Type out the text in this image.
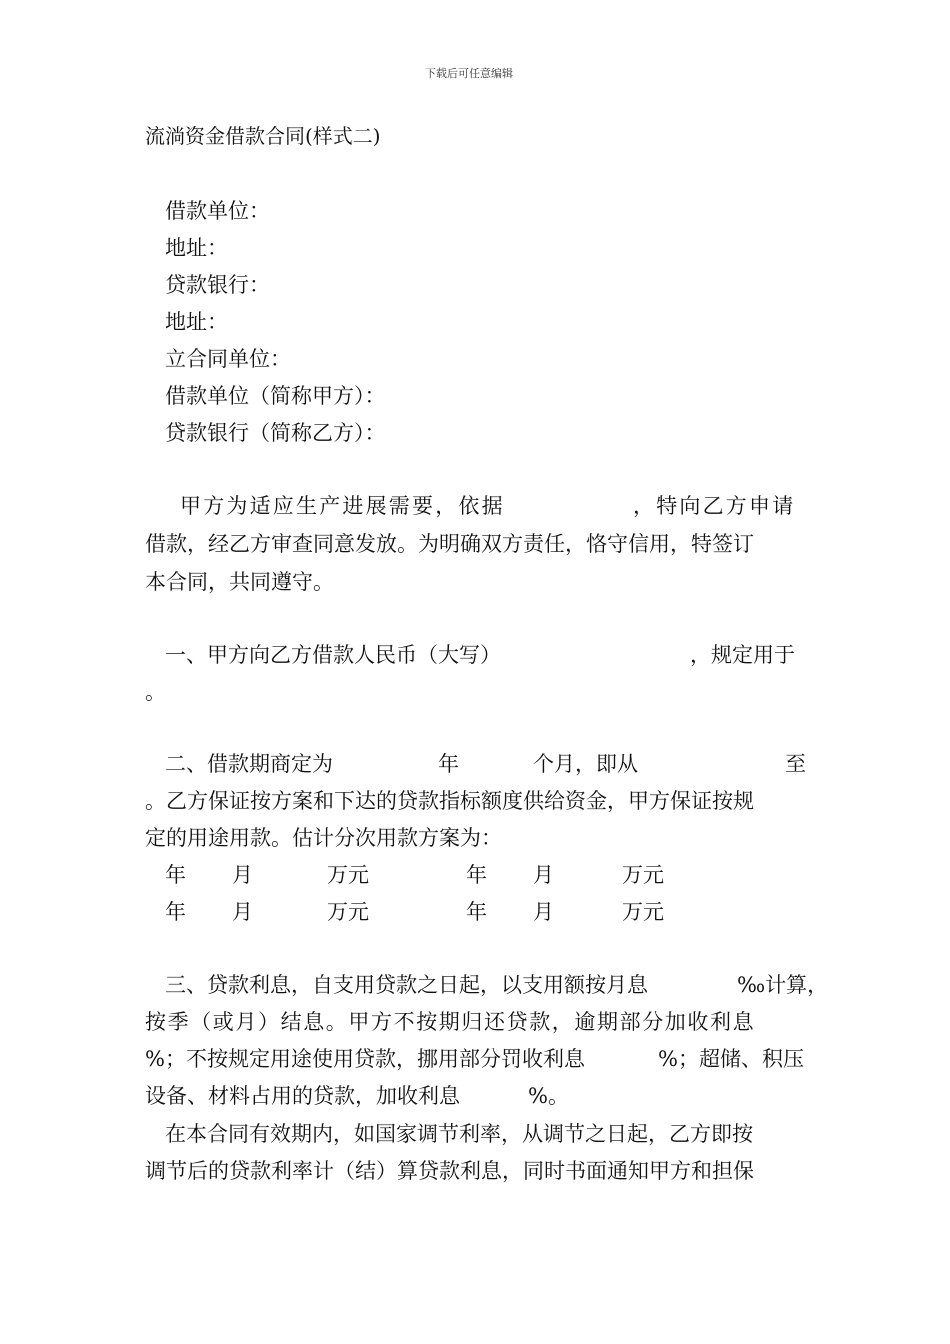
下载后可任意编辑
流淌资金借款合同(样式二)
借款单位：
地址：
贷款银行：
地址：
立合同单位：
借款单位（简称甲方）：
贷款银行（简称乙方）：
甲方为适应生产进展需要，依据	，特向乙方申请
借款，经乙方审查同意发放。为明确双方责任，恪守信用，特签订
本合同，共同遵守。
一、甲方向乙方借款人民币（大写）	，规定用于
。
二、借款期商定为	年	个月，即从	至
。乙方保证按方案和下达的贷款指标额度供给资金，甲方保证按规
定的用途用款。估计分次用款方案为：
年 月	万元	年 月	万元
年 月	万元	年 月	万元
三、贷款利息，自支用贷款之日起，以支用额按月息	‰计算，
按季（或月）结息。甲方不按期归还贷款，逾期部分加收利息
%；不按规定用途使用贷款，挪用部分罚收利息	%；超储、积压
设备、材料占用的贷款，加收利息	%。
在本合同有效期内，如国家调节利率，从调节之日起，乙方即按
调节后的贷款利率计（结）算贷款利息，同时书面通知甲方和担保
